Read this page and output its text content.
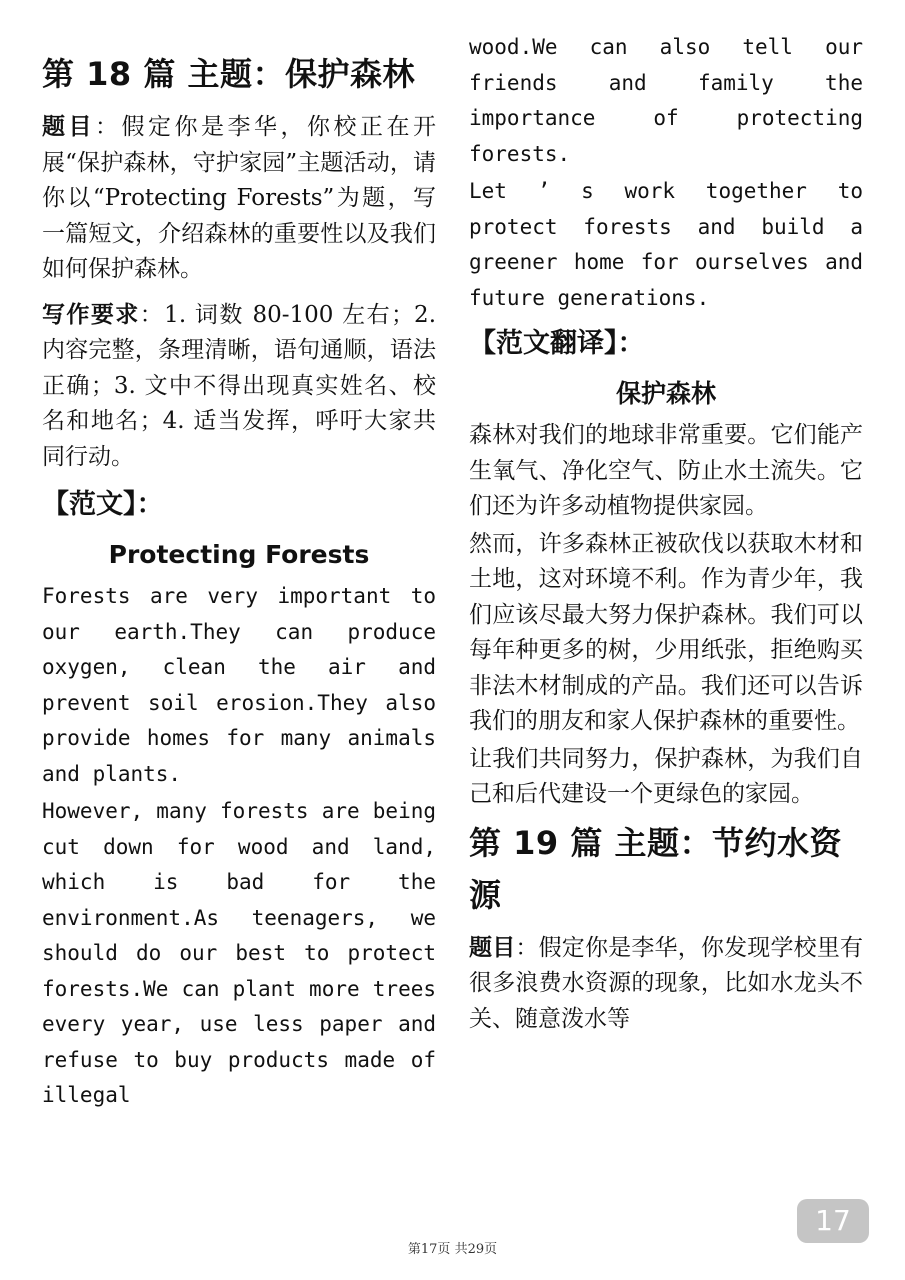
第 18 篇 主题：保护森林

题目：假定你是李华，你校正在开展“保护森林，守护家园”主题活动，请你以“Protecting Forests”为题，写一篇短文，介绍森林的重要性以及我们如何保护森林。

写作要求：1. 词数 80-100 左右；2. 内容完整，条理清晰，语句通顺，语法正确；3. 文中不得出现真实姓名、校名和地名；4. 适当发挥，呼吁大家共同行动。

【范文】：
Protecting Forests

Forests are very important to our earth.They can produce oxygen, clean the air and prevent soil erosion.They also provide homes for many animals and plants.

However, many forests are being cut down for wood and land, which is bad for the environment.As teenagers, we should do our best to protect forests.We can plant more trees every year, use less paper and refuse to buy products made of illegal

wood.We can also tell our friends and family the importance of protecting forests.

Let ’ s work together to protect forests and build a greener home for ourselves and future generations.

【范文翻译】：
保护森林

森林对我们的地球非常重要。它们能产生氧气、净化空气、防止水土流失。它们还为许多动植物提供家园。

然而，许多森林正被砍伐以获取木材和土地，这对环境不利。作为青少年，我们应该尽最大努力保护森林。我们可以每年种更多的树，少用纸张，拒绝购买非法木材制成的产品。我们还可以告诉我们的朋友和家人保护森林的重要性。

让我们共同努力，保护森林，为我们自己和后代建设一个更绿色的家园。

第 19 篇 主题：节约水资源

题目：假定你是李华，你发现学校里有很多浪费水资源的现象，比如水龙头不关、随意泼水等

第17页 共29页
17
